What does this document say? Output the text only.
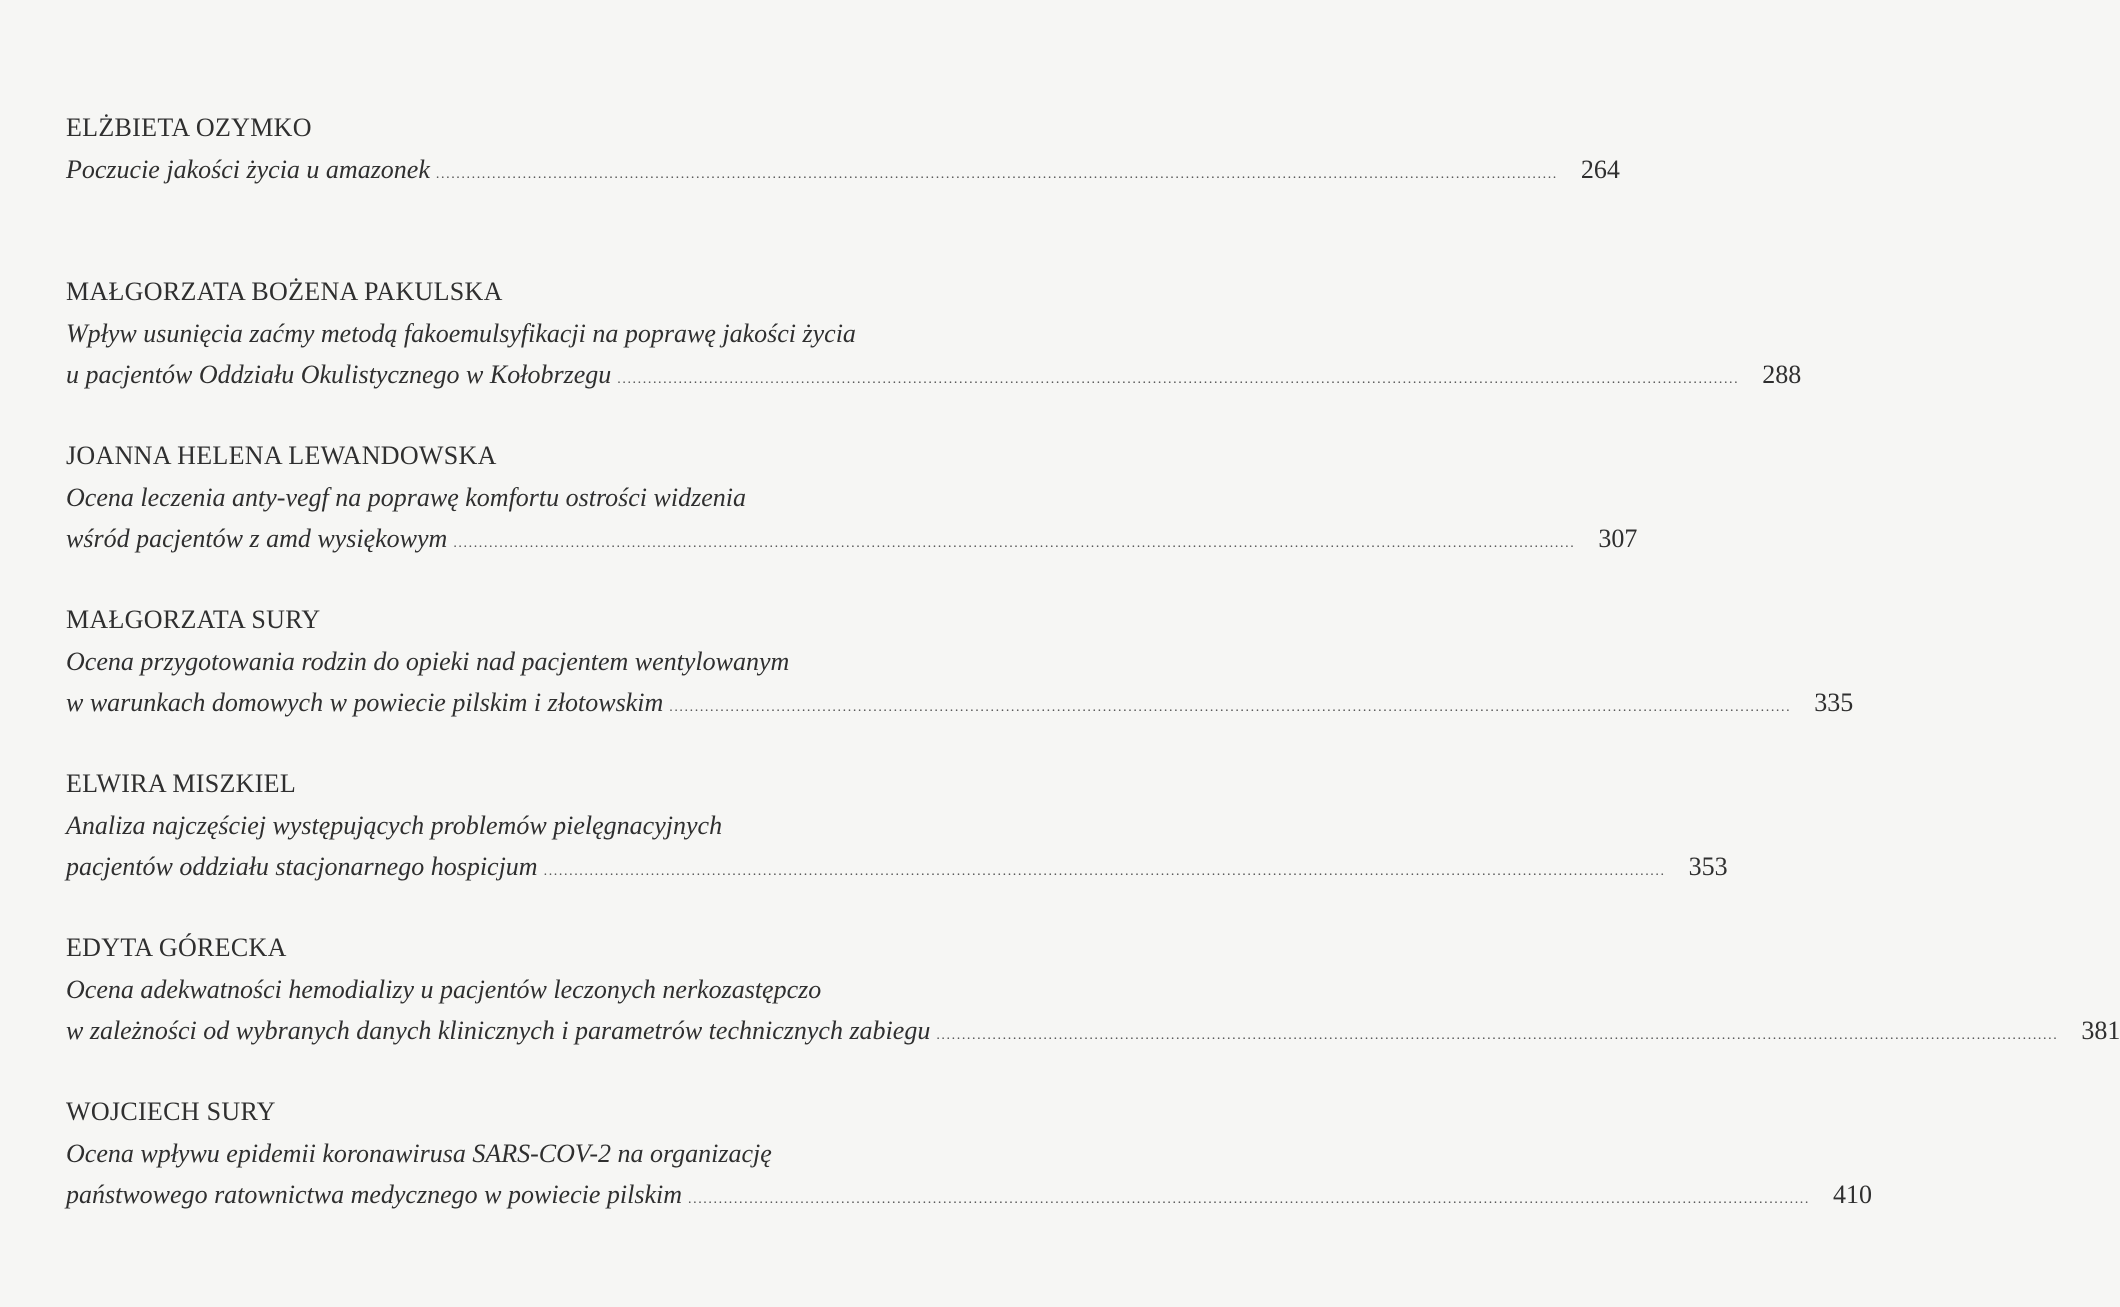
ELŻBIETA OZYMKO
Poczucie jakości życia u amazonek ............................................................................................................................................................................................................................ 264
MAŁGORZATA BOŻENA PAKULSKA
Wpływ usunięcia zaćmy metodą fakoemulsyfikacji na poprawę jakości życia
u pacjentów Oddziału Okulistycznego w Kołobrzegu ............................................................................................................................................................................................................................ 288
JOANNA HELENA LEWANDOWSKA
Ocena leczenia anty-vegf na poprawę komfortu ostrości widzenia
wśród pacjentów z amd wysiękowym ............................................................................................................................................................................................................................ 307
MAŁGORZATA SURY
Ocena przygotowania rodzin do opieki nad pacjentem wentylowanym
w warunkach domowych w powiecie pilskim i złotowskim ............................................................................................................................................................................................................................ 335
ELWIRA MISZKIEL
Analiza najczęściej występujących problemów pielęgnacyjnych
pacjentów oddziału stacjonarnego hospicjum ............................................................................................................................................................................................................................ 353
EDYTA GÓRECKA
Ocena adekwatności hemodializy u pacjentów leczonych nerkozastępczo
w zależności od wybranych danych klinicznych i parametrów technicznych zabiegu ............................................................................................................................................................................................................................ 381
WOJCIECH SURY
Ocena wpływu epidemii koronawirusa SARS-COV-2 na organizację
państwowego ratownictwa medycznego w powiecie pilskim ............................................................................................................................................................................................................................ 410
